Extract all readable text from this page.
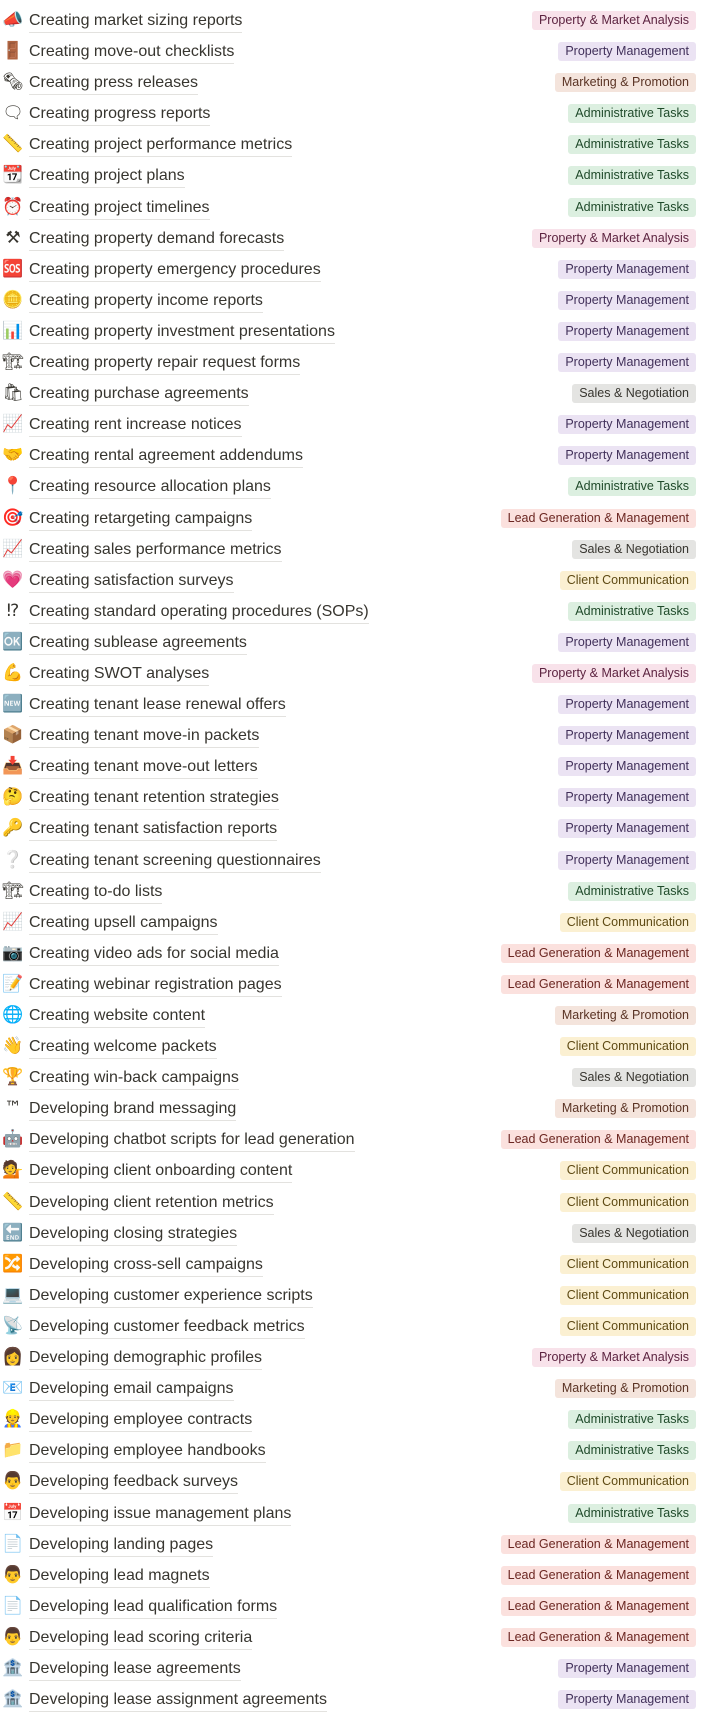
📣 Creating market sizing reports	Property & Market Analysis
🚪 Creating move-out checklists	Property Management
🗞 Creating press releases	Marketing & Promotion
🗨 Creating progress reports	Administrative Tasks
📏 Creating project performance metrics	Administrative Tasks
📆 Creating project plans	Administrative Tasks
⏰ Creating project timelines	Administrative Tasks
⚒ Creating property demand forecasts	Property & Market Analysis
🆘 Creating property emergency procedures	Property Management
🪙 Creating property income reports	Property Management
📊 Creating property investment presentations	Property Management
🏗 Creating property repair request forms	Property Management
🛍 Creating purchase agreements	Sales & Negotiation
📈 Creating rent increase notices	Property Management
🤝 Creating rental agreement addendums	Property Management
📍 Creating resource allocation plans	Administrative Tasks
🎯 Creating retargeting campaigns	Lead Generation & Management
📈 Creating sales performance metrics	Sales & Negotiation
💗 Creating satisfaction surveys	Client Communication
⁉ Creating standard operating procedures (SOPs)	Administrative Tasks
🆗 Creating sublease agreements	Property Management
💪 Creating SWOT analyses	Property & Market Analysis
🆕 Creating tenant lease renewal offers	Property Management
📦 Creating tenant move-in packets	Property Management
📥 Creating tenant move-out letters	Property Management
🤔 Creating tenant retention strategies	Property Management
🔑 Creating tenant satisfaction reports	Property Management
❔ Creating tenant screening questionnaires	Property Management
🏗 Creating to-do lists	Administrative Tasks
📈 Creating upsell campaigns	Client Communication
📷 Creating video ads for social media	Lead Generation & Management
📝 Creating webinar registration pages	Lead Generation & Management
🌐 Creating website content	Marketing & Promotion
👋 Creating welcome packets	Client Communication
🏆 Creating win-back campaigns	Sales & Negotiation
™ Developing brand messaging	Marketing & Promotion
🤖 Developing chatbot scripts for lead generation	Lead Generation & Management
💁 Developing client onboarding content	Client Communication
📏 Developing client retention metrics	Client Communication
🔚 Developing closing strategies	Sales & Negotiation
🔀 Developing cross-sell campaigns	Client Communication
💻 Developing customer experience scripts	Client Communication
📡 Developing customer feedback metrics	Client Communication
👩 Developing demographic profiles	Property & Market Analysis
📧 Developing email campaigns	Marketing & Promotion
👷 Developing employee contracts	Administrative Tasks
📁 Developing employee handbooks	Administrative Tasks
👨 Developing feedback surveys	Client Communication
📅 Developing issue management plans	Administrative Tasks
📄 Developing landing pages	Lead Generation & Management
👨 Developing lead magnets	Lead Generation & Management
📄 Developing lead qualification forms	Lead Generation & Management
👨 Developing lead scoring criteria	Lead Generation & Management
🏦 Developing lease agreements	Property Management
🏦 Developing lease assignment agreements	Property Management
